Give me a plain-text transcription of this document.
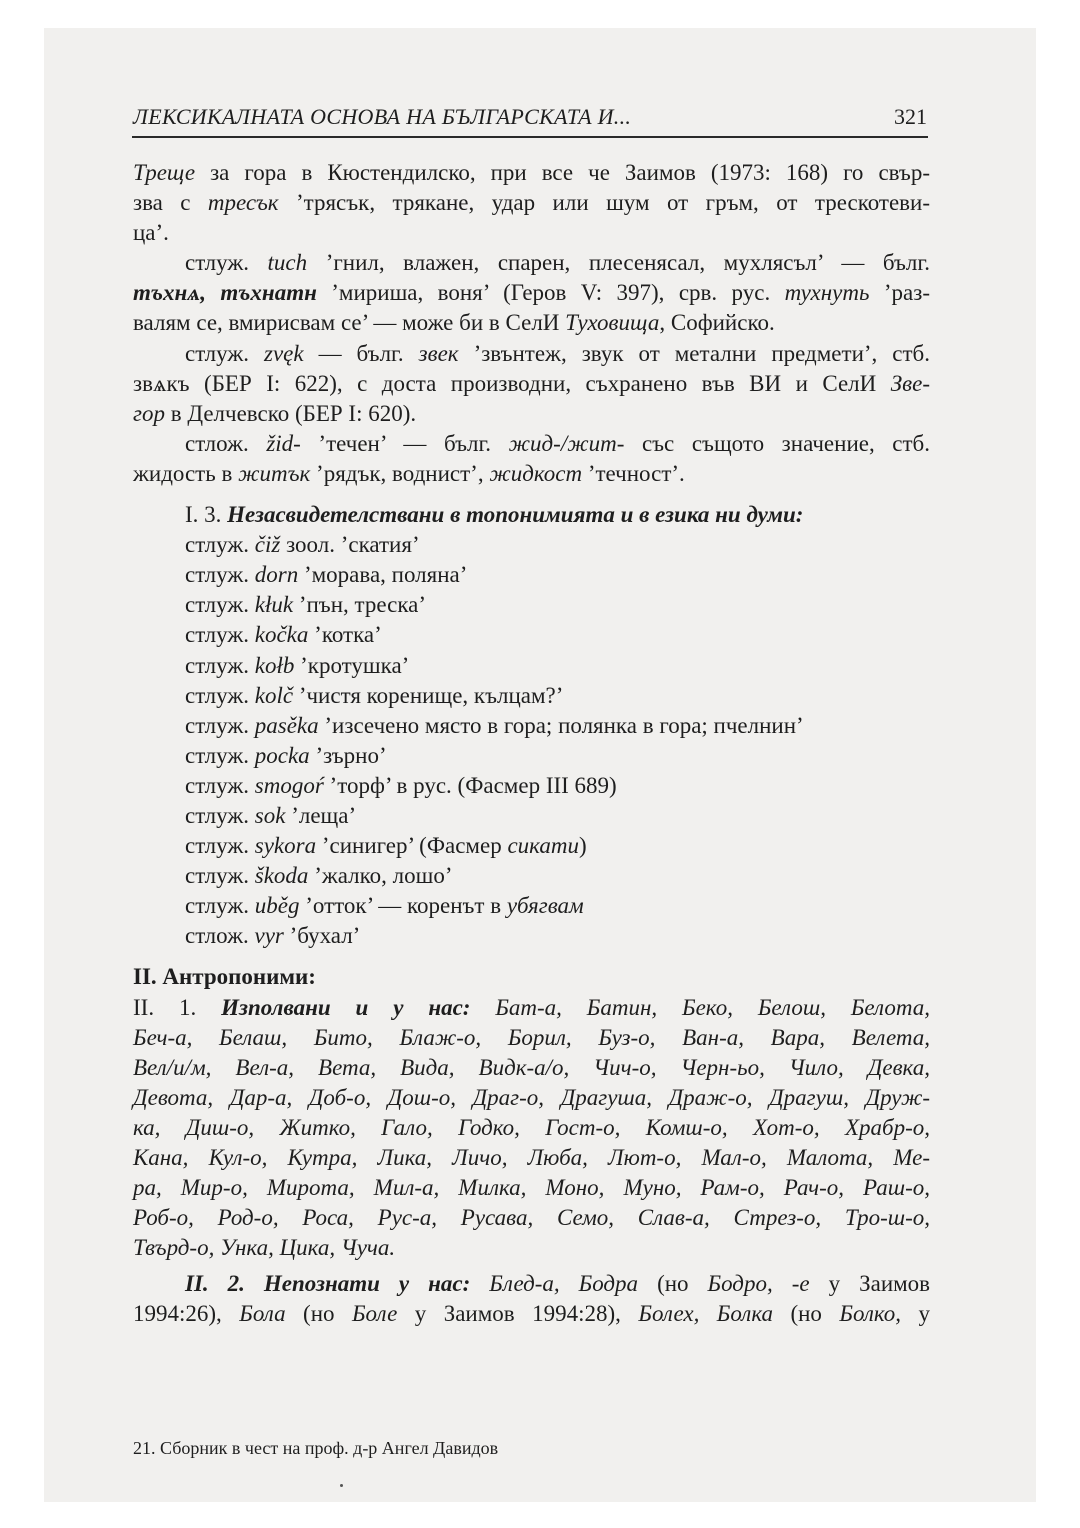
ЛЕКСИКАЛНАТА ОСНОВА НА БЪЛГАРСКАТА И...	321
Треще за гора в Кюстендилско, при все че Заимов (1973: 168) го свър-
зва с тресък ’трясък, трякане, удар или шум от гръм, от трескотеви-
ца’.
стлуж. tuch ’гнил, влажен, спарен, плесенясал, мухлясъл’ — бълг.
тъхнѧ, тъхнатн ’мириша, воня’ (Геров V: 397), срв. рус. тухнуть ’раз-
валям се, вмирисвам се’ — може би в СелИ Туховища, Софийско.
стлуж. zvęk — бълг. звек ’звънтеж, звук от метални предмети’, стб.
звѧкъ (БЕР I: 622), с доста производни, съхранено във ВИ и СелИ Зве-
гор в Делчевско (БЕР I: 620).
стлож. žid- ’течен’ — бълг. жид-/жит- със същото значение, стб.
жидость в житък ’рядък, воднист’, жидкост ’течност’.
I. 3. Незасвидетелствани в топонимията и в езика ни думи:
стлуж. čiž зоол. ’скатия’
стлуж. dorn ’морава, поляна’
стлуж. kłuk ’пън, треска’
стлуж. kočka ’котка’
стлуж. kołb ’кротушка’
стлуж. kolč ’чистя коренище, кълцам?’
стлуж. pasěka ’изсечено място в гора; полянка в гора; пчелнин’
стлуж. pocka ’зърно’
стлуж. smogoŕ ’торф’ в рус. (Фасмер III 689)
стлуж. sok ’леща’
стлуж. sykora ’синигер’ (Фасмер сикати)
стлуж. škoda ’жалко, лошо’
стлуж. uběg ’отток’ — коренът в убягвам
стлож. vyr ’бухал’
II. Антропоними:
II. 1. Изполвани и у нас: Бат-а, Батин, Беко, Белош, Белота,
Беч-а, Белаш, Бито, Блаж-о, Борил, Буз-о, Ван-а, Вара, Велета,
Вел/и/м, Вел-а, Вета, Вида, Видк-а/о, Чич-о, Черн-ьо, Чило, Девка,
Девота, Дар-а, Доб-о, Дош-о, Драг-о, Драгуша, Драж-о, Драгуш, Друж-
ка, Диш-о, Житко, Гало, Годко, Гост-о, Комш-о, Хот-о, Храбр-о,
Кана, Кул-о, Кутра, Лика, Личо, Люба, Лют-о, Мал-о, Малота, Ме-
ра, Мир-о, Мирота, Мил-а, Милка, Моно, Муно, Рам-о, Рач-о, Раш-о,
Роб-о, Род-о, Роса, Рус-а, Русава, Семо, Слав-а, Стрез-о, Тро-ш-о,
Твърд-о, Унка, Цика, Чуча.
II. 2. Непознати у нас: Блед-а, Бодра (но Бодро, -е у Заимов
1994:26), Бола (но Боле у Заимов 1994:28), Болех, Болка (но Болко, у
21. Сборник в чест на проф. д-р Ангел Давидов
